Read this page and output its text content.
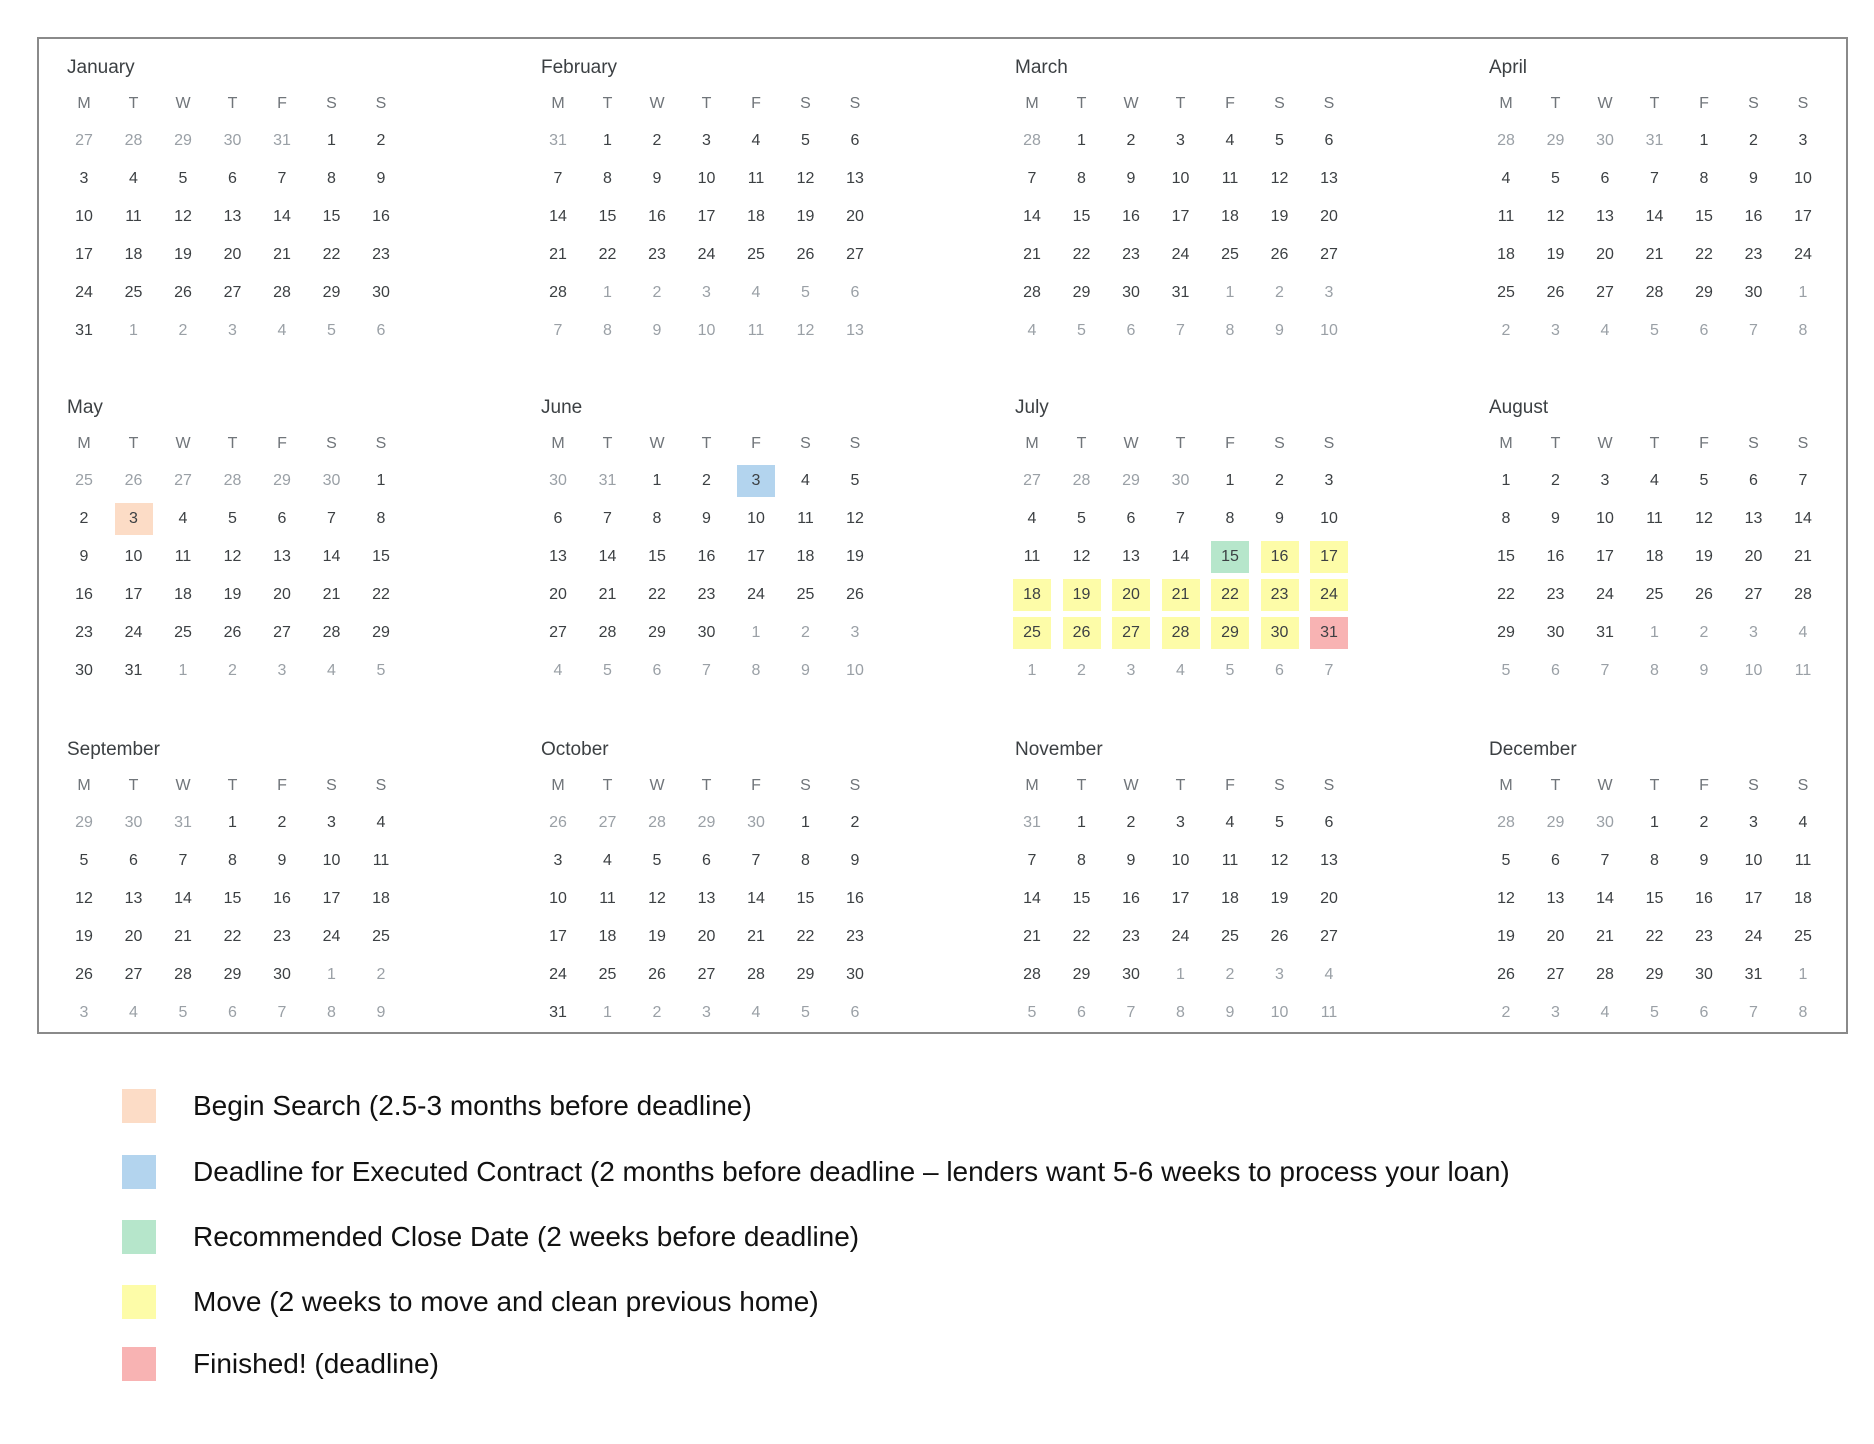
January
M	T	W	T	F	S	S
27	28	29	30	31	1	2
3	4	5	6	7	8	9
10	11	12	13	14	15	16
17	18	19	20	21	22	23
24	25	26	27	28	29	30
31	1	2	3	4	5	6
February
M	T	W	T	F	S	S
31	1	2	3	4	5	6
7	8	9	10	11	12	13
14	15	16	17	18	19	20
21	22	23	24	25	26	27
28	1	2	3	4	5	6
7	8	9	10	11	12	13
March
M	T	W	T	F	S	S
28	1	2	3	4	5	6
7	8	9	10	11	12	13
14	15	16	17	18	19	20
21	22	23	24	25	26	27
28	29	30	31	1	2	3
4	5	6	7	8	9	10
April
M	T	W	T	F	S	S
28	29	30	31	1	2	3
4	5	6	7	8	9	10
11	12	13	14	15	16	17
18	19	20	21	22	23	24
25	26	27	28	29	30	1
2	3	4	5	6	7	8
May
M	T	W	T	F	S	S
25	26	27	28	29	30	1
2	3	4	5	6	7	8
9	10	11	12	13	14	15
16	17	18	19	20	21	22
23	24	25	26	27	28	29
30	31	1	2	3	4	5
June
M	T	W	T	F	S	S
30	31	1	2	3	4	5
6	7	8	9	10	11	12
13	14	15	16	17	18	19
20	21	22	23	24	25	26
27	28	29	30	1	2	3
4	5	6	7	8	9	10
July
M	T	W	T	F	S	S
27	28	29	30	1	2	3
4	5	6	7	8	9	10
11	12	13	14	15	16	17
18	19	20	21	22	23	24
25	26	27	28	29	30	31
1	2	3	4	5	6	7
August
M	T	W	T	F	S	S
1	2	3	4	5	6	7
8	9	10	11	12	13	14
15	16	17	18	19	20	21
22	23	24	25	26	27	28
29	30	31	1	2	3	4
5	6	7	8	9	10	11
September
M	T	W	T	F	S	S
29	30	31	1	2	3	4
5	6	7	8	9	10	11
12	13	14	15	16	17	18
19	20	21	22	23	24	25
26	27	28	29	30	1	2
3	4	5	6	7	8	9
October
M	T	W	T	F	S	S
26	27	28	29	30	1	2
3	4	5	6	7	8	9
10	11	12	13	14	15	16
17	18	19	20	21	22	23
24	25	26	27	28	29	30
31	1	2	3	4	5	6
November
M	T	W	T	F	S	S
31	1	2	3	4	5	6
7	8	9	10	11	12	13
14	15	16	17	18	19	20
21	22	23	24	25	26	27
28	29	30	1	2	3	4
5	6	7	8	9	10	11
December
M	T	W	T	F	S	S
28	29	30	1	2	3	4
5	6	7	8	9	10	11
12	13	14	15	16	17	18
19	20	21	22	23	24	25
26	27	28	29	30	31	1
2	3	4	5	6	7	8
Begin Search (2.5-3 months before deadline)
Deadline for Executed Contract (2 months before deadline – lenders want 5-6 weeks to process your loan)
Recommended Close Date (2 weeks before deadline)
Move (2 weeks to move and clean previous home)
Finished! (deadline)
